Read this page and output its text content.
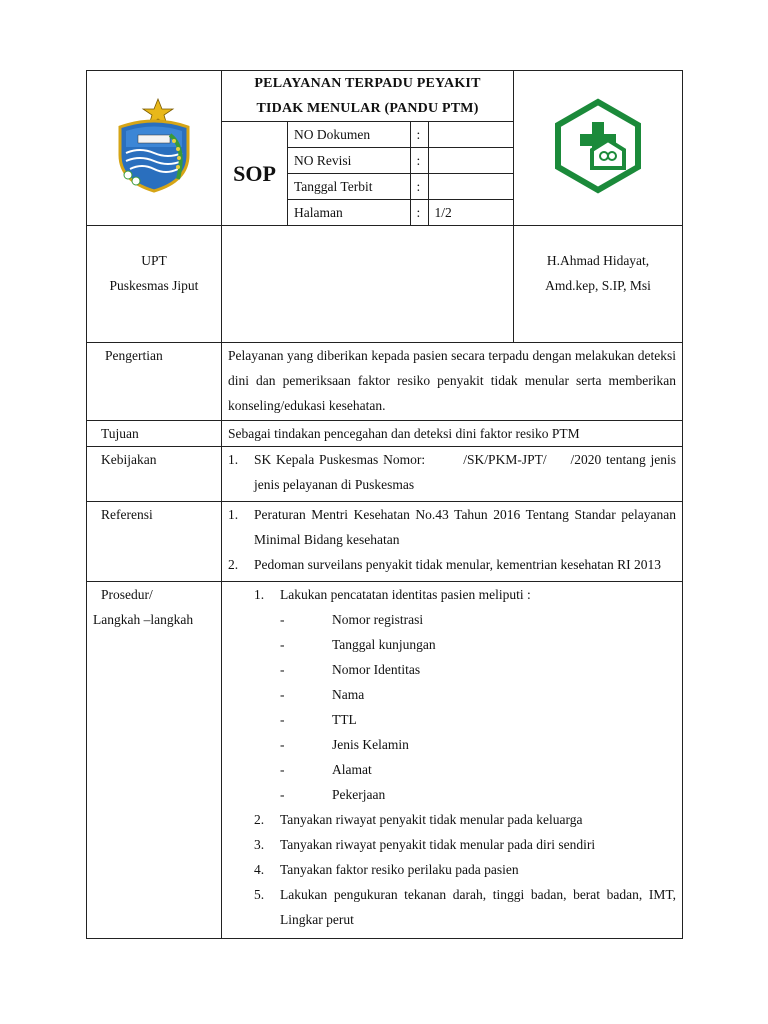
PELAYANAN TERPADU PEYAKIT
TIDAK MENULAR (PANDU PTM)

SOP	
NO Dokumen	:	
NO Revisi	:	
Tanggal Terbit	:	
Halaman	:	1/2

UPT
Puskesmas Jiput

H.Ahmad Hidayat,
Amd.kep, S.IP, Msi

Pengertian	Pelayanan yang diberikan kepada pasien secara terpadu dengan melakukan deteksi dini dan pemeriksaan faktor resiko penyakit tidak menular serta memberikan konseling/edukasi kesehatan.

Tujuan	Sebagai tindakan pencegahan dan deteksi dini faktor resiko PTM
Kebijakan	1. SK Kepala Puskesmas Nomor:        /SK/PKM-JPT/     /2020 tentang jenis jenis pelayanan di Puskesmas

Referensi	1. Peraturan Mentri Kesehatan No.43 Tahun 2016 Tentang Standar pelayanan Minimal Bidang kesehatan
2. Pedoman surveilans penyakit tidak menular, kementrian kesehatan RI 2013

Prosedur/
Langkah –langkah

1. Lakukan pencatatan identitas pasien meliputi :
- Nomor registrasi
- Tanggal kunjungan
- Nomor Identitas
- Nama
- TTL
- Jenis Kelamin
- Alamat
- Pekerjaan
2. Tanyakan riwayat penyakit tidak menular pada keluarga
3. Tanyakan riwayat penyakit tidak menular pada diri sendiri
4. Tanyakan faktor resiko perilaku pada pasien
5. Lakukan pengukuran tekanan darah, tinggi badan, berat badan, IMT, Lingkar perut
